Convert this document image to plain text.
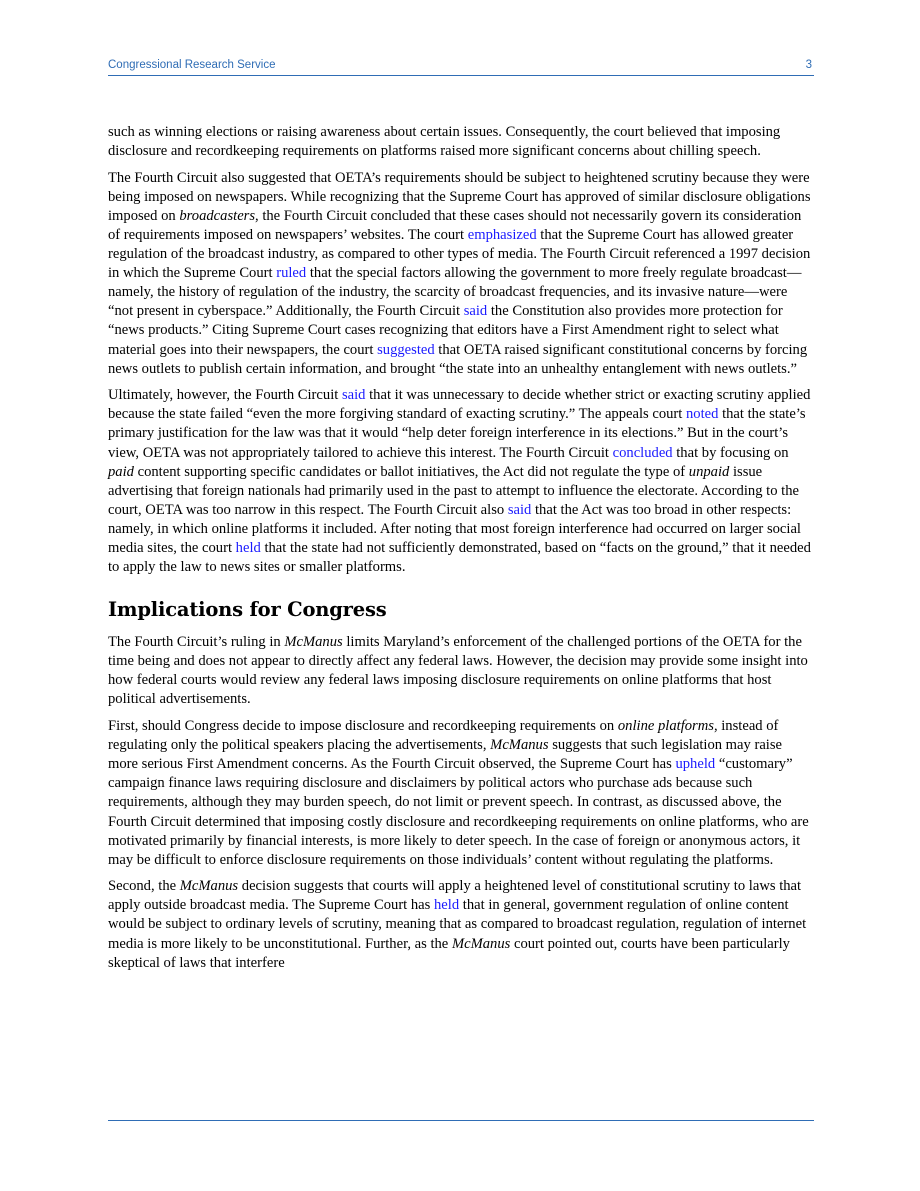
Congressional Research Service	3

such as winning elections or raising awareness about certain issues. Consequently, the court believed that imposing disclosure and recordkeeping requirements on platforms raised more significant concerns about chilling speech.

The Fourth Circuit also suggested that OETA’s requirements should be subject to heightened scrutiny because they were being imposed on newspapers. While recognizing that the Supreme Court has approved of similar disclosure obligations imposed on broadcasters, the Fourth Circuit concluded that these cases should not necessarily govern its consideration of requirements imposed on newspapers’ websites. The court emphasized that the Supreme Court has allowed greater regulation of the broadcast industry, as compared to other types of media. The Fourth Circuit referenced a 1997 decision in which the Supreme Court ruled that the special factors allowing the government to more freely regulate broadcast—namely, the history of regulation of the industry, the scarcity of broadcast frequencies, and its invasive nature—were “not present in cyberspace.” Additionally, the Fourth Circuit said the Constitution also provides more protection for “news products.” Citing Supreme Court cases recognizing that editors have a First Amendment right to select what material goes into their newspapers, the court suggested that OETA raised significant constitutional concerns by forcing news outlets to publish certain information, and brought “the state into an unhealthy entanglement with news outlets.”

Ultimately, however, the Fourth Circuit said that it was unnecessary to decide whether strict or exacting scrutiny applied because the state failed “even the more forgiving standard of exacting scrutiny.” The appeals court noted that the state’s primary justification for the law was that it would “help deter foreign interference in its elections.” But in the court’s view, OETA was not appropriately tailored to achieve this interest. The Fourth Circuit concluded that by focusing on paid content supporting specific candidates or ballot initiatives, the Act did not regulate the type of unpaid issue advertising that foreign nationals had primarily used in the past to attempt to influence the electorate. According to the court, OETA was too narrow in this respect. The Fourth Circuit also said that the Act was too broad in other respects: namely, in which online platforms it included. After noting that most foreign interference had occurred on larger social media sites, the court held that the state had not sufficiently demonstrated, based on “facts on the ground,” that it needed to apply the law to news sites or smaller platforms.

Implications for Congress

The Fourth Circuit’s ruling in McManus limits Maryland’s enforcement of the challenged portions of the OETA for the time being and does not appear to directly affect any federal laws. However, the decision may provide some insight into how federal courts would review any federal laws imposing disclosure requirements on online platforms that host political advertisements.

First, should Congress decide to impose disclosure and recordkeeping requirements on online platforms, instead of regulating only the political speakers placing the advertisements, McManus suggests that such legislation may raise more serious First Amendment concerns. As the Fourth Circuit observed, the Supreme Court has upheld “customary” campaign finance laws requiring disclosure and disclaimers by political actors who purchase ads because such requirements, although they may burden speech, do not limit or prevent speech. In contrast, as discussed above, the Fourth Circuit determined that imposing costly disclosure and recordkeeping requirements on online platforms, who are motivated primarily by financial interests, is more likely to deter speech. In the case of foreign or anonymous actors, it may be difficult to enforce disclosure requirements on those individuals’ content without regulating the platforms.

Second, the McManus decision suggests that courts will apply a heightened level of constitutional scrutiny to laws that apply outside broadcast media. The Supreme Court has held that in general, government regulation of online content would be subject to ordinary levels of scrutiny, meaning that as compared to broadcast regulation, regulation of internet media is more likely to be unconstitutional. Further, as the McManus court pointed out, courts have been particularly skeptical of laws that interfere
